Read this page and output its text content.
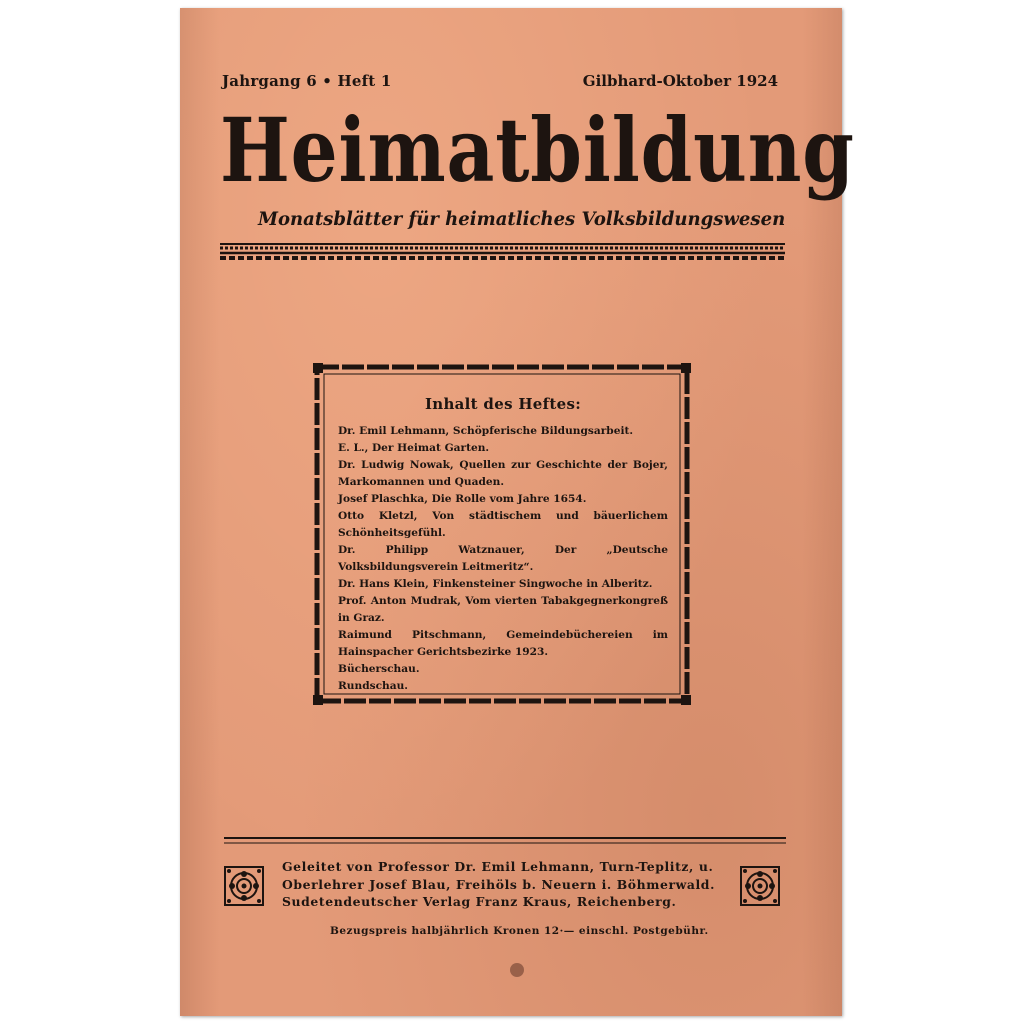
Jahrgang 6 • Heft 1	Gilbhard-Oktober 1924
Heimatbildung
Monatsblätter für heimatliches Volksbildungswesen
Inhalt des Heftes:
Dr. Emil Lehmann, Schöpferische Bildungsarbeit.
E. L., Der Heimat Garten.
Dr. Ludwig Nowak, Quellen zur Geschichte der Bojer, Markomannen und Quaden.
Josef Plaschka, Die Rolle vom Jahre 1654.
Otto Kletzl, Von städtischem und bäuerlichem Schönheitsgefühl.
Dr. Philipp Watznauer, Der „Deutsche Volksbildungsverein Leitmeritz“.
Dr. Hans Klein, Finkensteiner Singwoche in Alberitz.
Prof. Anton Mudrak, Vom vierten Tabakgegnerkongreß in Graz.
Raimund Pitschmann, Gemeindebüchereien im Hainspacher Gerichtsbezirke 1923.
Bücherschau.
Rundschau.
Geleitet von Professor Dr. Emil Lehmann, Turn-Teplitz, u.
Oberlehrer Josef Blau, Freihöls b. Neuern i. Böhmerwald.
Sudetendeutscher Verlag Franz Kraus, Reichenberg.
Bezugspreis halbjährlich Kronen 12·— einschl. Postgebühr.
